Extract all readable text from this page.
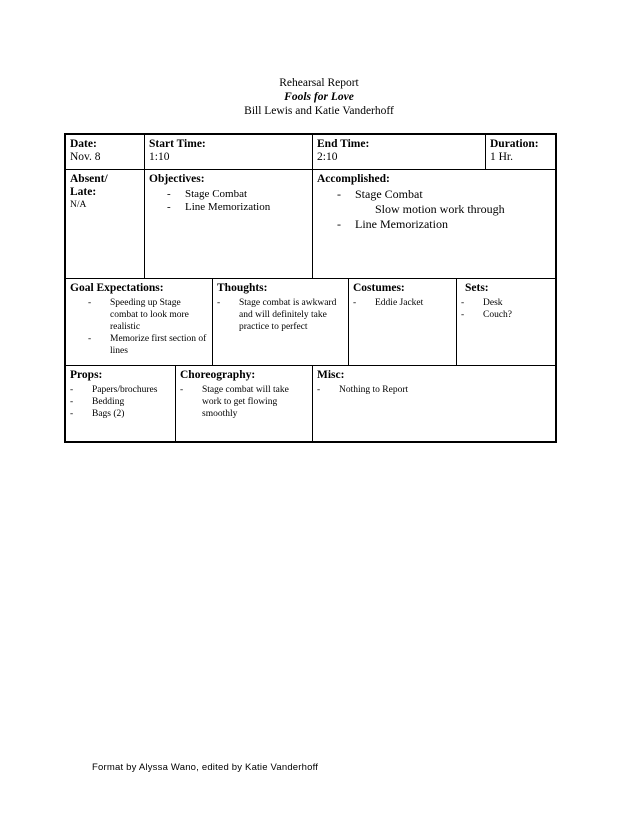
Rehearsal Report
Fools for Love
Bill Lewis and Katie Vanderhoff
Date:
Nov. 8
Start Time:
1:10
End Time:
2:10
Duration:
1 Hr.
Absent/
Late:
N/A
Objectives:
- Stage Combat
- Line Memorization
Accomplished:
- Stage Combat
Slow motion work through
- Line Memorization
Goal Expectations:
- Speeding up Stage combat to look more realistic
- Memorize first section of lines
Thoughts:
- Stage combat is awkward and will definitely take practice to perfect
Costumes:
- Eddie Jacket
Sets:
- Desk
- Couch?
Props:
- Papers/brochures
- Bedding
- Bags (2)
Choreography:
- Stage combat will take work to get flowing smoothly
Misc:
- Nothing to Report
Format by Alyssa Wano, edited by Katie Vanderhoff
